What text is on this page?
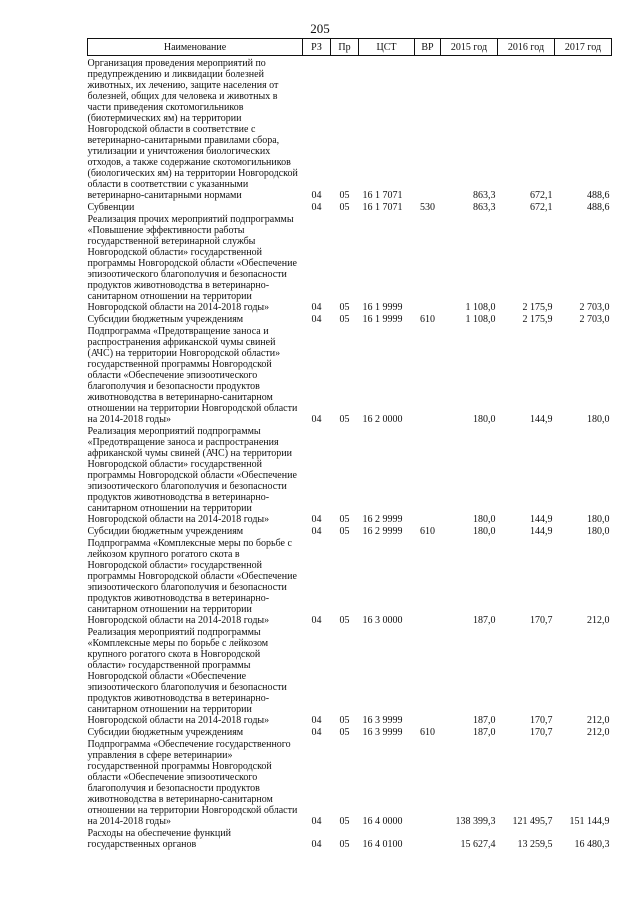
205
Наименование	РЗ	Пр	ЦСТ	ВР	2015 год	2016 год	2017 год

Организация проведения мероприятий по предупреждению и ликвидации болезней животных, их лечению, защите населения от болезней, общих для человека и животных в части приведения скотомогильников (биотермических ям) на территории Новгородской области в соответствие с ветеринарно-санитарными правилами сбора, утилизации и уничтожения биологических отходов, а также содержание скотомогильников (биологических ям) на территории Новгородской области в соответствии с указанными ветеринарно-санитарными нормами	04	05	16 1 7071		863,3	672,1	488,6
Субвенции	04	05	16 1 7071	530	863,3	672,1	488,6
Реализация прочих мероприятий подпрограммы «Повышение эффективности работы государственной ветеринарной службы Новгородской области» государственной программы Новгородской области «Обеспечение эпизоотического благополучия и безопасности продуктов животноводства в ветеринарно-санитарном отношении на территории Новгородской области на 2014-2018 годы»	04	05	16 1 9999		1 108,0	2 175,9	2 703,0
Субсидии бюджетным учреждениям	04	05	16 1 9999	610	1 108,0	2 175,9	2 703,0
Подпрограмма «Предотвращение заноса и распространения африканской чумы свиней (АЧС) на территории Новгородской области» государственной программы Новгородской области «Обеспечение эпизоотического благополучия и безопасности продуктов животноводства в ветеринарно-санитарном отношении на территории Новгородской области на 2014-2018 годы»	04	05	16 2 0000		180,0	144,9	180,0
Реализация мероприятий подпрограммы «Предотвращение заноса и распространения африканской чумы свиней (АЧС) на территории Новгородской области» государственной программы Новгородской области «Обеспечение эпизоотического благополучия и безопасности продуктов животноводства в ветеринарно-санитарном отношении на территории Новгородской области на 2014-2018 годы»	04	05	16 2 9999		180,0	144,9	180,0
Субсидии бюджетным учреждениям	04	05	16 2 9999	610	180,0	144,9	180,0
Подпрограмма «Комплексные меры по борьбе с лейкозом крупного рогатого скота в Новгородской области» государственной программы Новгородской области «Обеспечение эпизоотического благополучия и безопасности продуктов животноводства в ветеринарно-санитарном отношении на территории Новгородской области на 2014-2018 годы»	04	05	16 3 0000		187,0	170,7	212,0
Реализация мероприятий подпрограммы «Комплексные меры по борьбе с лейкозом крупного рогатого скота в Новгородской области» государственной программы Новгородской области «Обеспечение эпизоотического благополучия и безопасности продуктов животноводства в ветеринарно-санитарном отношении на территории Новгородской области на 2014-2018 годы»	04	05	16 3 9999		187,0	170,7	212,0
Субсидии бюджетным учреждениям	04	05	16 3 9999	610	187,0	170,7	212,0
Подпрограмма «Обеспечение государственного управления в сфере ветеринарии» государственной программы Новгородской области «Обеспечение эпизоотического благополучия и безопасности продуктов животноводства в ветеринарно-санитарном отношении на территории Новгородской области на 2014-2018 годы»	04	05	16 4 0000		138 399,3	121 495,7	151 144,9
Расходы на обеспечение функций государственных органов	04	05	16 4 0100		15 627,4	13 259,5	16 480,3
